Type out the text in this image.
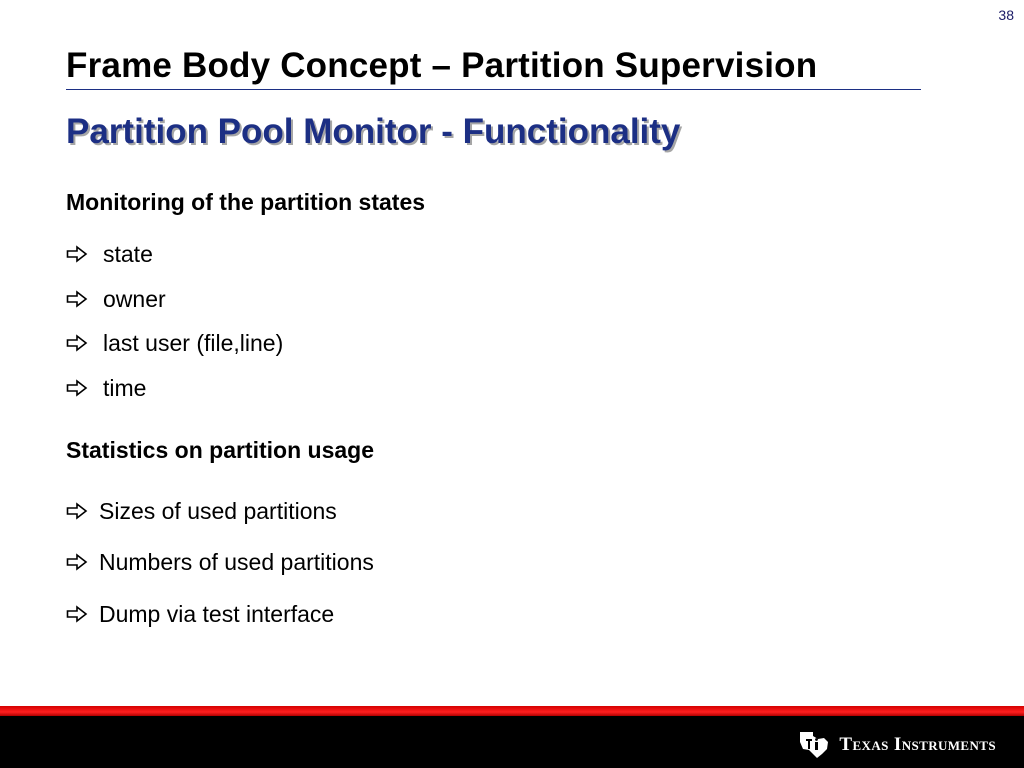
38
Frame Body Concept – Partition Supervision
Partition Pool Monitor - Functionality
Monitoring of the partition states
state
owner
last user (file,line)
time
Statistics on partition usage
Sizes of used partitions
Numbers of used partitions
Dump via test interface
Texas Instruments
